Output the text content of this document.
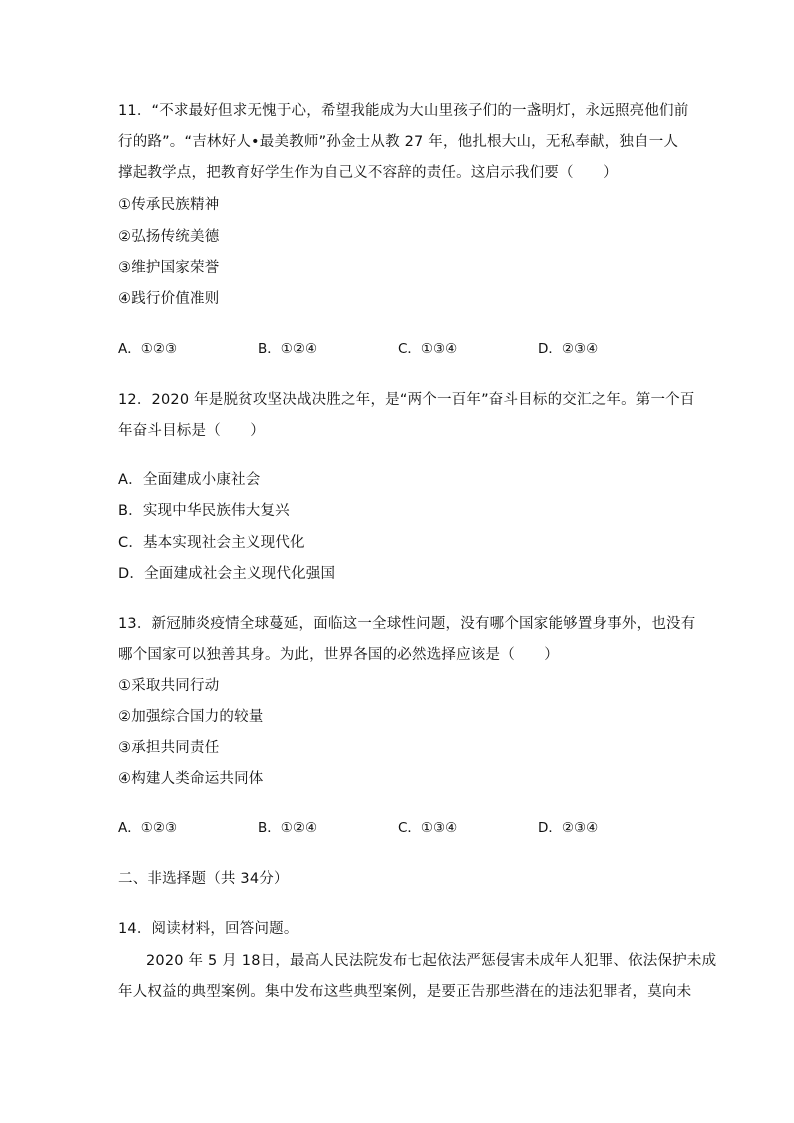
11．“不求最好但求无愧于心，希望我能成为大山里孩子们的一盏明灯，永远照亮他们前
行的路”。“吉林好人•最美教师”孙金士从教 27 年，他扎根大山，无私奉献，独自一人
撑起教学点，把教育好学生作为自己义不容辞的责任。这启示我们要（　　）
①传承民族精神
②弘扬传统美德
③维护国家荣誉
④践行价值准则
A．①②③	B．①②④	C．①③④	D．②③④
12．2020 年是脱贫攻坚决战决胜之年，是“两个一百年”奋斗目标的交汇之年。第一个百
年奋斗目标是（　　）
A．全面建成小康社会
B．实现中华民族伟大复兴
C．基本实现社会主义现代化
D．全面建成社会主义现代化强国
13．新冠肺炎疫情全球蔓延，面临这一全球性问题，没有哪个国家能够置身事外，也没有
哪个国家可以独善其身。为此，世界各国的必然选择应该是（　　）
①采取共同行动
②加强综合国力的较量
③承担共同责任
④构建人类命运共同体
A．①②③	B．①②④	C．①③④	D．②③④
二、非选择题（共 34分）
14．阅读材料，回答问题。
2020 年 5 月 18日，最高人民法院发布七起依法严惩侵害未成年人犯罪、依法保护未成
年人权益的典型案例。集中发布这些典型案例，是要正告那些潜在的违法犯罪者，莫向未
